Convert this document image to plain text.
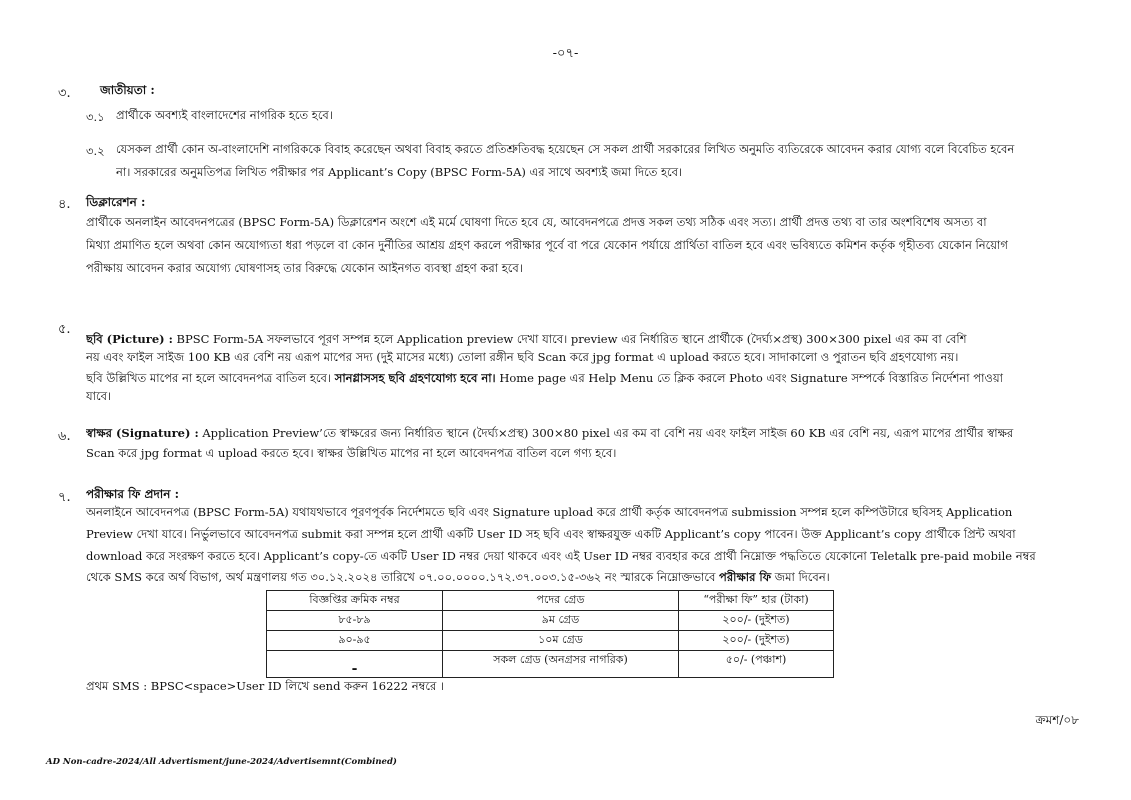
-০৭-
৩. জাতীয়তা :
৩.১ প্রার্থীকে অবশ্যই বাংলাদেশের নাগরিক হতে হবে।
৩.২ যেসকল প্রার্থী কোন অ-বাংলাদেশি নাগরিককে বিবাহ করেছেন অথবা বিবাহ করতে প্রতিশ্রুতিবদ্ধ হয়েছেন সে সকল প্রার্থী সরকারের লিখিত অনুমতি ব্যতিরেকে আবেদন করার যোগ্য বলে বিবেচিত হবেন
না। সরকারের অনুমতিপত্র লিখিত পরীক্ষার পর Applicant’s Copy (BPSC Form-5A) এর সাথে অবশ্যই জমা দিতে হবে।
৪. ডিক্লারেশন :
প্রার্থীকে অনলাইন আবেদনপত্রের (BPSC Form-5A) ডিক্লারেশন অংশে এই মর্মে ঘোষণা দিতে হবে যে, আবেদনপত্রে প্রদত্ত সকল তথ্য সঠিক এবং সত্য। প্রার্থী প্রদত্ত তথ্য বা তার অংশবিশেষ অসত্য বা
মিথ্যা প্রমাণিত হলে অথবা কোন অযোগ্যতা ধরা পড়লে বা কোন দুর্নীতির আশ্রয় গ্রহণ করলে পরীক্ষার পূর্বে বা পরে যেকোন পর্যায়ে প্রার্থিতা বাতিল হবে এবং ভবিষ্যতে কমিশন কর্তৃক গৃহীতব্য যেকোন নিয়োগ
পরীক্ষায় আবেদন করার অযোগ্য ঘোষণাসহ তার বিরুদ্ধে যেকোন আইনগত ব্যবস্থা গ্রহণ করা হবে।
৫.
ছবি (Picture) : BPSC Form-5A সফলভাবে পূরণ সম্পন্ন হলে Application preview দেখা যাবে। preview এর নির্ধারিত স্থানে প্রার্থীকে (দৈর্ঘ্য×প্রস্থ) 300×300 pixel এর কম বা বেশি
নয় এবং ফাইল সাইজ 100 KB এর বেশি নয় এরূপ মাপের সদ্য (দুই মাসের মধ্যে) তোলা রঙ্গীন ছবি Scan করে jpg format এ upload করতে হবে। সাদাকালো ও পুরাতন ছবি গ্রহণযোগ্য নয়।
ছবি উল্লিখিত মাপের না হলে আবেদনপত্র বাতিল হবে। সানগ্লাসসহ ছবি গ্রহণযোগ্য হবে না। Home page এর Help Menu তে ক্লিক করলে Photo এবং Signature সম্পর্কে বিস্তারিত নির্দেশনা পাওয়া
যাবে।
৬. স্বাক্ষর (Signature) : Application Preview’তে স্বাক্ষরের জন্য নির্ধারিত স্থানে (দৈর্ঘ্য×প্রস্থ) 300×80 pixel এর কম বা বেশি নয় এবং ফাইল সাইজ 60 KB এর বেশি নয়, এরূপ মাপের প্রার্থীর স্বাক্ষর
Scan করে jpg format এ upload করতে হবে। স্বাক্ষর উল্লিখিত মাপের না হলে আবেদনপত্র বাতিল বলে গণ্য হবে।
৭. পরীক্ষার ফি প্রদান :
অনলাইনে আবেদনপত্র (BPSC Form-5A) যথাযথভাবে পূরণপূর্বক নির্দেশমতে ছবি এবং Signature upload করে প্রার্থী কর্তৃক আবেদনপত্র submission সম্পন্ন হলে কম্পিউটারে ছবিসহ Application
Preview দেখা যাবে। নির্ভুলভাবে আবেদনপত্র submit করা সম্পন্ন হলে প্রার্থী একটি User ID সহ ছবি এবং স্বাক্ষরযুক্ত একটি Applicant’s copy পাবেন। উক্ত Applicant’s copy প্রার্থীকে প্রিন্ট অথবা
download করে সংরক্ষণ করতে হবে। Applicant’s copy-তে একটি User ID নম্বর দেয়া থাকবে এবং এই User ID নম্বর ব্যবহার করে প্রার্থী নিম্নোক্ত পদ্ধতিতে যেকোনো Teletalk pre-paid mobile নম্বর
থেকে SMS করে অর্থ বিভাগ, অর্থ মন্ত্রণালয় গত ৩০.১২.২০২৪ তারিখে ০৭.০০.০০০০.১৭২.৩৭.০০৩.১৫-৩৬২ নং স্মারকে নিম্নোক্তভাবে পরীক্ষার ফি জমা দিবেন।
বিজ্ঞপ্তির ক্রমিক নম্বর	পদের গ্রেড	“পরীক্ষা ফি” হার (টাকা)
৮৫-৮৯	৯ম গ্রেড	২০০/- (দুইশত)
৯০-৯৫	১০ম গ্রেড	২০০/- (দুইশত)
-	সকল গ্রেড (অনগ্রসর নাগরিক)	৫০/- (পঞ্চাশ)
প্রথম SMS : BPSC<space>User ID লিখে send করুন 16222 নম্বরে ।
ক্রমশ/০৮
AD Non-cadre-2024/All Advertisment/june-2024/Advertisemnt(Combined)
